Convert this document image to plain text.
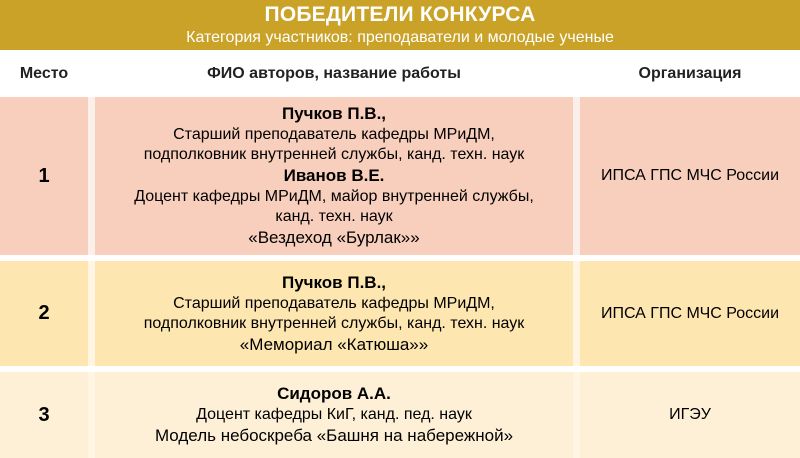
ПОБЕДИТЕЛИ КОНКУРСА
Категория участников: преподаватели и молодые ученые
Место	ФИО авторов, название работы	Организация
1
Пучков П.В.,
Старший преподаватель кафедры МРиДМ,
подполковник внутренней службы, канд. техн. наук
Иванов В.Е.
Доцент кафедры МРиДМ, майор внутренней службы,
канд. техн. наук
«Вездеход «Бурлак»»
ИПСА ГПС МЧС России
2
Пучков П.В.,
Старший преподаватель кафедры МРиДМ,
подполковник внутренней службы, канд. техн. наук
«Мемориал «Катюша»»
ИПСА ГПС МЧС России
3
Сидоров А.А.
Доцент кафедры КиГ, канд. пед. наук
Модель небоскреба «Башня на набережной»
ИГЭУ
